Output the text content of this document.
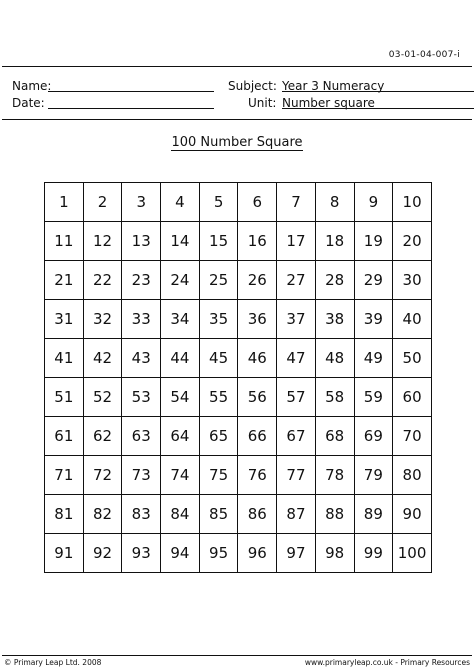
03-01-04-007-i
Name:
Date:
Subject: Year 3 Numeracy
Unit: Number square
100 Number Square
1	2	3	4	5	6	7	8	9	10
11	12	13	14	15	16	17	18	19	20
21	22	23	24	25	26	27	28	29	30
31	32	33	34	35	36	37	38	39	40
41	42	43	44	45	46	47	48	49	50
51	52	53	54	55	56	57	58	59	60
61	62	63	64	65	66	67	68	69	70
71	72	73	74	75	76	77	78	79	80
81	82	83	84	85	86	87	88	89	90
91	92	93	94	95	96	97	98	99	100
© Primary Leap Ltd. 2008	www.primaryleap.co.uk - Primary Resources
